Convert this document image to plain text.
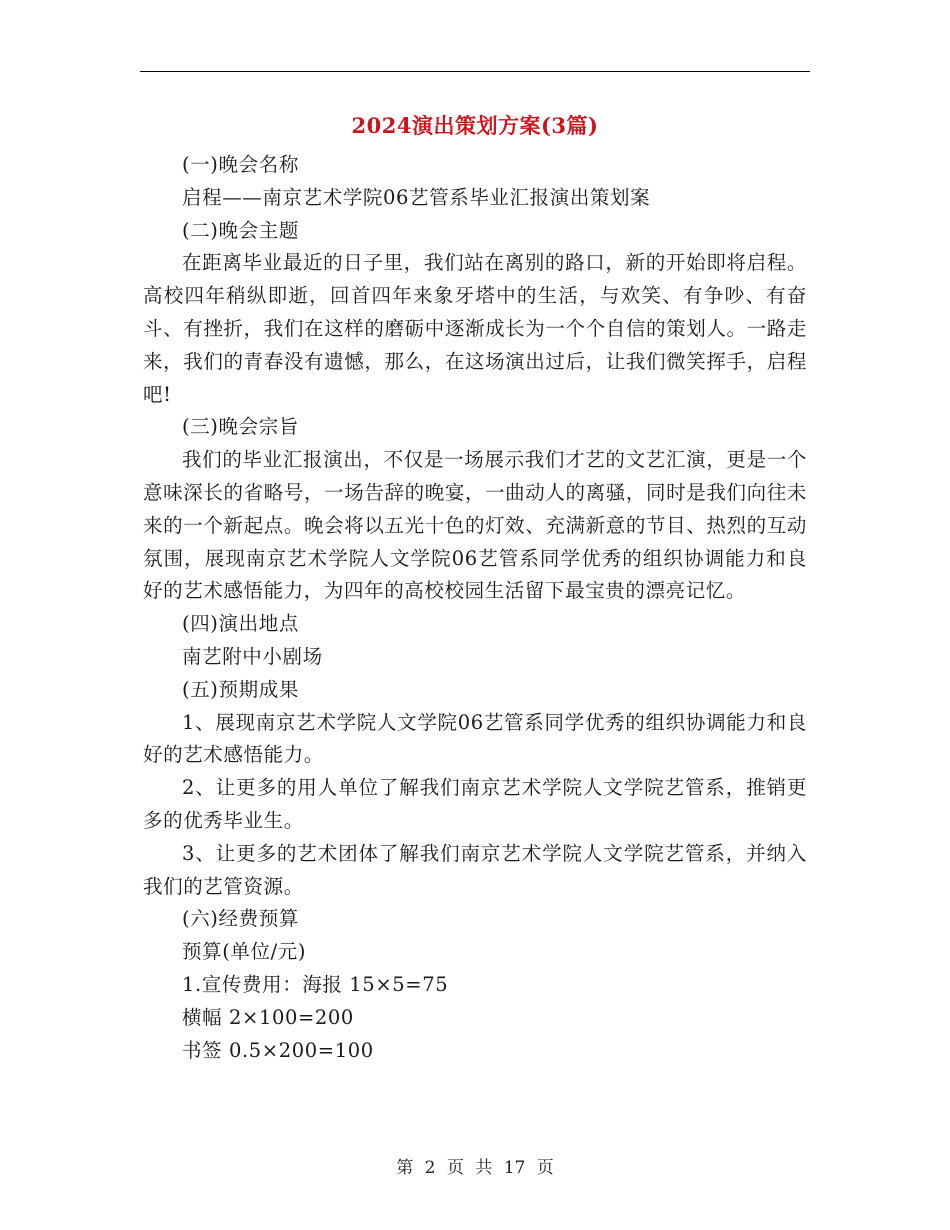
2024演出策划方案(3篇)

(一)晚会名称

启程——南京艺术学院06艺管系毕业汇报演出策划案

(二)晚会主题

在距离毕业最近的日子里，我们站在离别的路口，新的开始即将启程。高校四年稍纵即逝，回首四年来象牙塔中的生活，与欢笑、有争吵、有奋斗、有挫折，我们在这样的磨砺中逐渐成长为一个个自信的策划人。一路走来，我们的青春没有遗憾，那么，在这场演出过后，让我们微笑挥手，启程吧!

(三)晚会宗旨

我们的毕业汇报演出，不仅是一场展示我们才艺的文艺汇演，更是一个意味深长的省略号，一场告辞的晚宴，一曲动人的离骚，同时是我们向往未来的一个新起点。晚会将以五光十色的灯效、充满新意的节目、热烈的互动氛围，展现南京艺术学院人文学院06艺管系同学优秀的组织协调能力和良好的艺术感悟能力，为四年的高校校园生活留下最宝贵的漂亮记忆。

(四)演出地点

南艺附中小剧场

(五)预期成果

1、展现南京艺术学院人文学院06艺管系同学优秀的组织协调能力和良好的艺术感悟能力。

2、让更多的用人单位了解我们南京艺术学院人文学院艺管系，推销更多的优秀毕业生。

3、让更多的艺术团体了解我们南京艺术学院人文学院艺管系，并纳入我们的艺管资源。

(六)经费预算

预算(单位/元)

1.宣传费用：海报 15×5=75

横幅 2×100=200

书签 0.5×200=100

第 2 页 共 17 页
